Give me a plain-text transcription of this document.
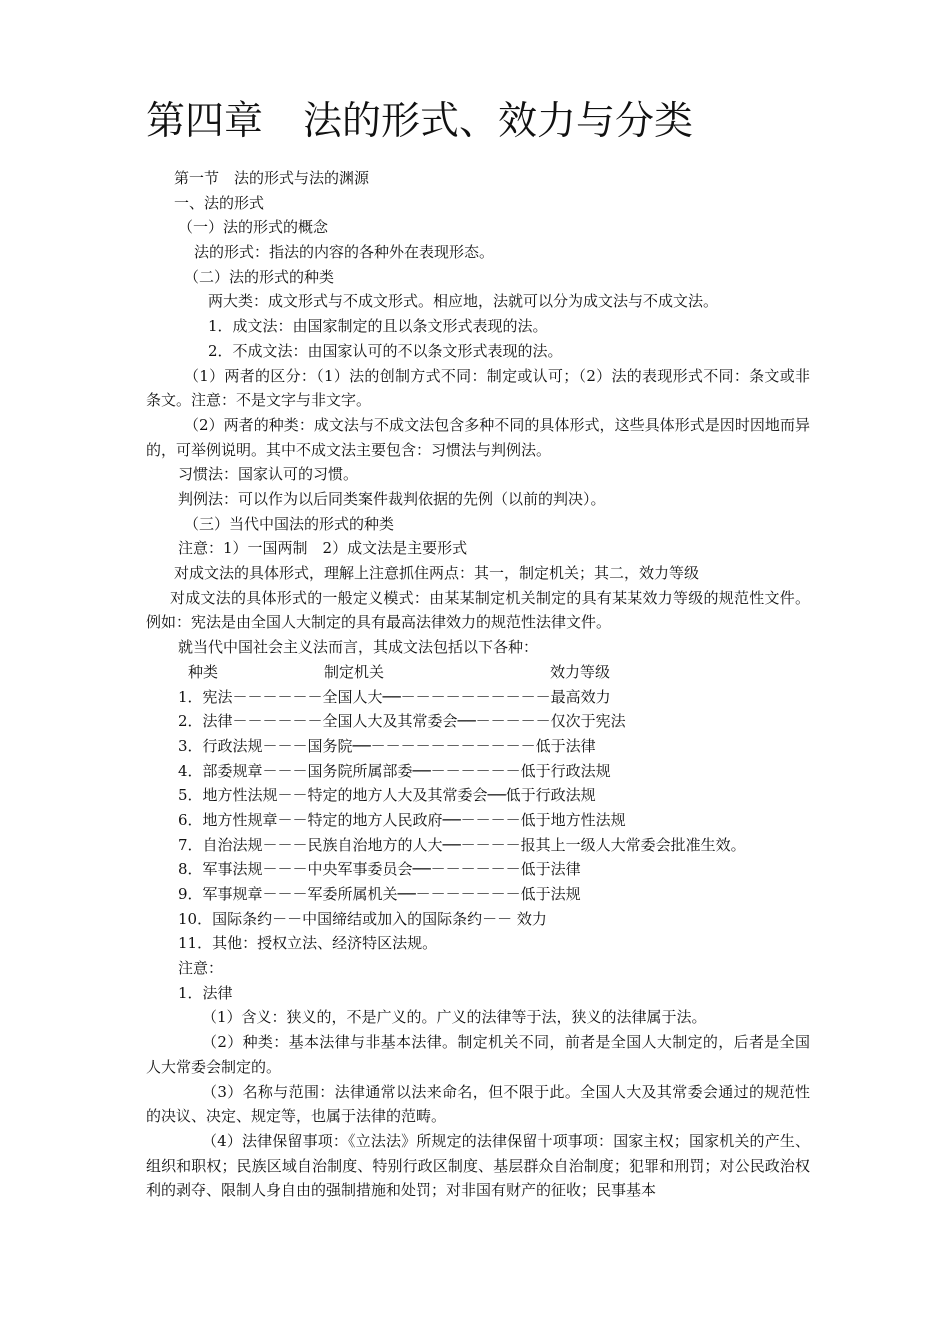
第四章 法的形式、效力与分类
第一节　法的形式与法的渊源
一、法的形式
（一）法的形式的概念
法的形式：指法的内容的各种外在表现形态。
（二）法的形式的种类
两大类：成文形式与不成文形式。相应地，法就可以分为成文法与不成文法。
1．成文法：由国家制定的且以条文形式表现的法。
2．不成文法：由国家认可的不以条文形式表现的法。
（1）两者的区分：（1）法的创制方式不同：制定或认可；（2）法的表现形式不同：条文或非条文。注意：不是文字与非文字。
（2）两者的种类：成文法与不成文法包含多种不同的具体形式，这些具体形式是因时因地而异的，可举例说明。其中不成文法主要包含：习惯法与判例法。
习惯法：国家认可的习惯。
判例法：可以作为以后同类案件裁判依据的先例（以前的判决）。
（三）当代中国法的形式的种类
注意：1）一国两制　2）成文法是主要形式
对成文法的具体形式，理解上注意抓住两点：其一，制定机关；其二，效力等级
对成文法的具体形式的一般定义模式：由某某制定机关制定的具有某某效力等级的规范性文件。例如：宪法是由全国人大制定的具有最高法律效力的规范性法律文件。
就当代中国社会主义法而言，其成文法包括以下各种：
种类	制定机关	效力等级
1．宪法－－－－－－全国人大──－－－－－－－－－－最高效力
2．法律－－－－－－全国人大及其常委会──－－－－－仅次于宪法
3．行政法规－－－国务院──－－－－－－－－－－－低于法律
4．部委规章－－－国务院所属部委──－－－－－－低于行政法规
5．地方性法规－－特定的地方人大及其常委会──低于行政法规
6．地方性规章－－特定的地方人民政府──－－－－低于地方性法规
7．自治法规－－－民族自治地方的人大──－－－－报其上一级人大常委会批准生效。
8．军事法规－－－中央军事委员会──－－－－－－低于法律
9．军事规章－－－军委所属机关──－－－－－－－低于法规
10．国际条约－－中国缔结或加入的国际条约－－ 效力
11．其他：授权立法、经济特区法规。
注意：
1．法律
（1）含义：狭义的，不是广义的。广义的法律等于法，狭义的法律属于法。
（2）种类：基本法律与非基本法律。制定机关不同，前者是全国人大制定的，后者是全国人大常委会制定的。
（3）名称与范围：法律通常以法来命名，但不限于此。全国人大及其常委会通过的规范性的决议、决定、规定等，也属于法律的范畴。
（4）法律保留事项：《立法法》所规定的法律保留十项事项：国家主权；国家机关的产生、组织和职权；民族区域自治制度、特别行政区制度、基层群众自治制度；犯罪和刑罚；对公民政治权利的剥夺、限制人身自由的强制措施和处罚；对非国有财产的征收；民事基本
